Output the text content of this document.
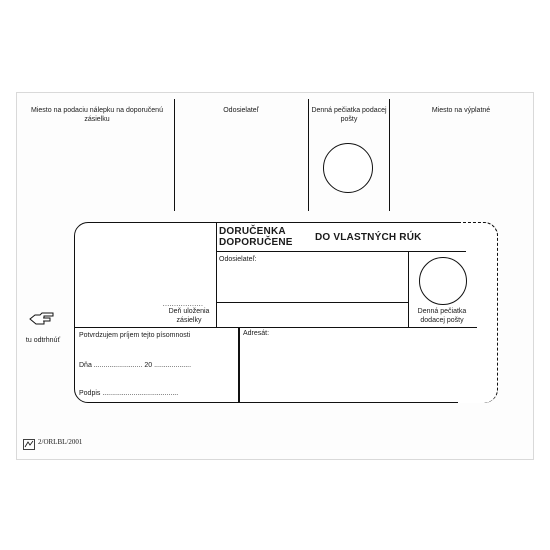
Miesto na podaciu nálepku na doporučenú zásielku
Odosielateľ	Denná pečiatka podacej pošty
Miesto na výplatné
tu odtrhnúť
2/ORLBL/2001
DORUČENKA
DOPORUČENE DO VLASTNÝCH RÚK
Odosielateľ:
Denná pečiatka dodacej pošty
..................
Deň uloženia zásielky
Potvrdzujem príjem tejto písomnosti
Dňa ......................... 20 ...................
Podpis .......................................
Adresát:
